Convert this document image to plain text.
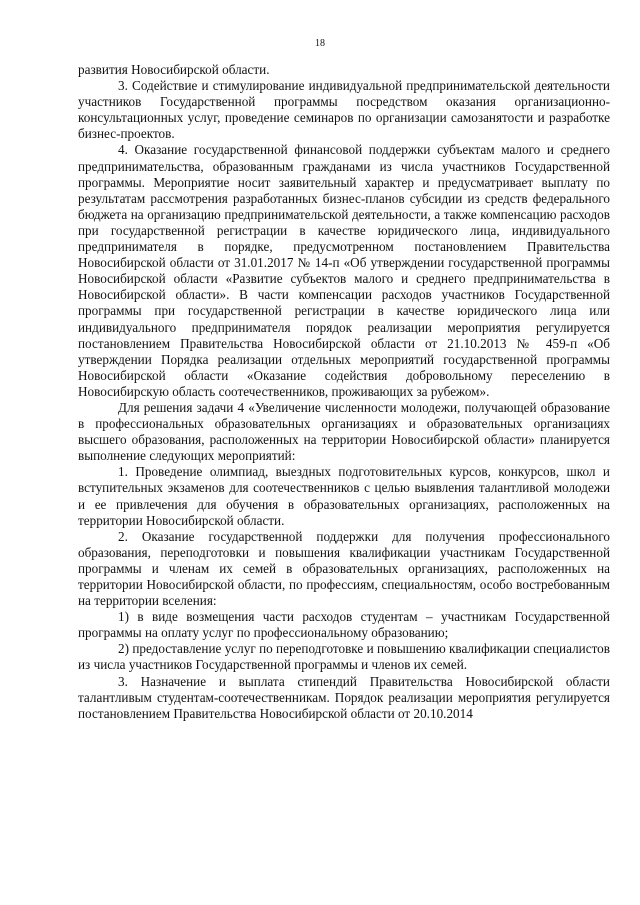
18

развития Новосибирской области.

3. Содействие и стимулирование индивидуальной предпринимательской деятельности участников Государственной программы посредством оказания организационно-консультационных услуг, проведение семинаров по организации самозанятости и разработке бизнес-проектов.

4. Оказание государственной финансовой поддержки субъектам малого и среднего предпринимательства, образованным гражданами из числа участников Государственной программы. Мероприятие носит заявительный характер и предусматривает выплату по результатам рассмотрения разработанных бизнес-планов субсидии из средств федерального бюджета на организацию предпринимательской деятельности, а также компенсацию расходов при государственной регистрации в качестве юридического лица, индивидуального предпринимателя в порядке, предусмотренном постановлением Правительства Новосибирской области от 31.01.2017 № 14-п «Об утверждении государственной программы Новосибирской области «Развитие субъектов малого и среднего предпринимательства в Новосибирской области». В части компенсации расходов участников Государственной программы при государственной регистрации в качестве юридического лица или индивидуального предпринимателя порядок реализации мероприятия регулируется постановлением Правительства Новосибирской области от 21.10.2013 № 459-п «Об утверждении Порядка реализации отдельных мероприятий государственной программы Новосибирской области «Оказание содействия добровольному переселению в Новосибирскую область соотечественников, проживающих за рубежом».

Для решения задачи 4 «Увеличение численности молодежи, получающей образование в профессиональных образовательных организациях и образовательных организациях высшего образования, расположенных на территории Новосибирской области» планируется выполнение следующих мероприятий:

1. Проведение олимпиад, выездных подготовительных курсов, конкурсов, школ и вступительных экзаменов для соотечественников с целью выявления талантливой молодежи и ее привлечения для обучения в образовательных организациях, расположенных на территории Новосибирской области.

2. Оказание государственной поддержки для получения профессионального образования, переподготовки и повышения квалификации участникам Государственной программы и членам их семей в образовательных организациях, расположенных на территории Новосибирской области, по профессиям, специальностям, особо востребованным на территории вселения:

1) в виде возмещения части расходов студентам – участникам Государственной программы на оплату услуг по профессиональному образованию;

2) предоставление услуг по переподготовке и повышению квалификации специалистов из числа участников Государственной программы и членов их семей.

3. Назначение и выплата стипендий Правительства Новосибирской области талантливым студентам-соотечественникам. Порядок реализации мероприятия регулируется постановлением Правительства Новосибирской области от 20.10.2014
